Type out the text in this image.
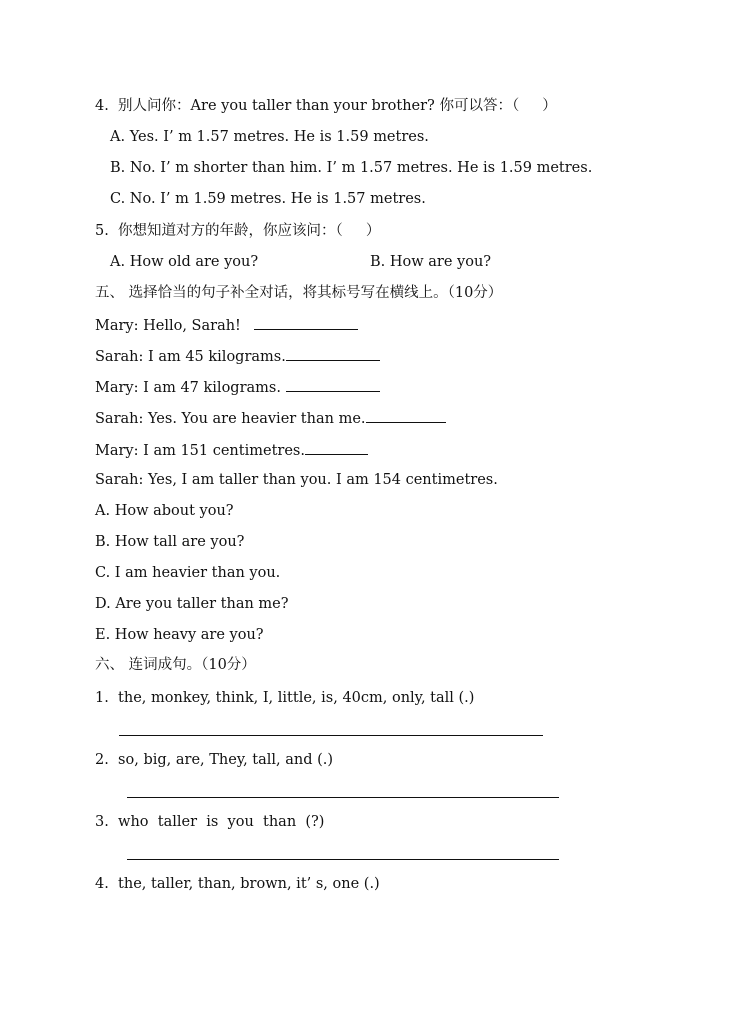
4.  别人问你：Are you taller than your brother? 你可以答：（     ）
A. Yes. I’ m 1.57 metres. He is 1.59 metres.
B. No. I’ m shorter than him. I’ m 1.57 metres. He is 1.59 metres.
C. No. I’ m 1.59 metres. He is 1.57 metres.
5.  你想知道对方的年龄，你应该问：（     ）
A. How old are you?	B. How are you?
五、 选择恰当的句子补全对话，将其标号写在横线上。（10分）
Mary: Hello, Sarah!
Sarah: I am 45 kilograms.
Mary: I am 47 kilograms.
Sarah: Yes. You are heavier than me.
Mary: I am 151 centimetres.
Sarah: Yes, I am taller than you. I am 154 centimetres.
A. How about you?
B. How tall are you?
C. I am heavier than you.
D. Are you taller than me?
E. How heavy are you?
六、 连词成句。（10分）
1.  the, monkey, think, I, little, is, 40cm, only, tall (.)
2.  so, big, are, They, tall, and (.)
3.  who  taller  is  you  than  (?)
4.  the, taller, than, brown, it’ s, one (.)
